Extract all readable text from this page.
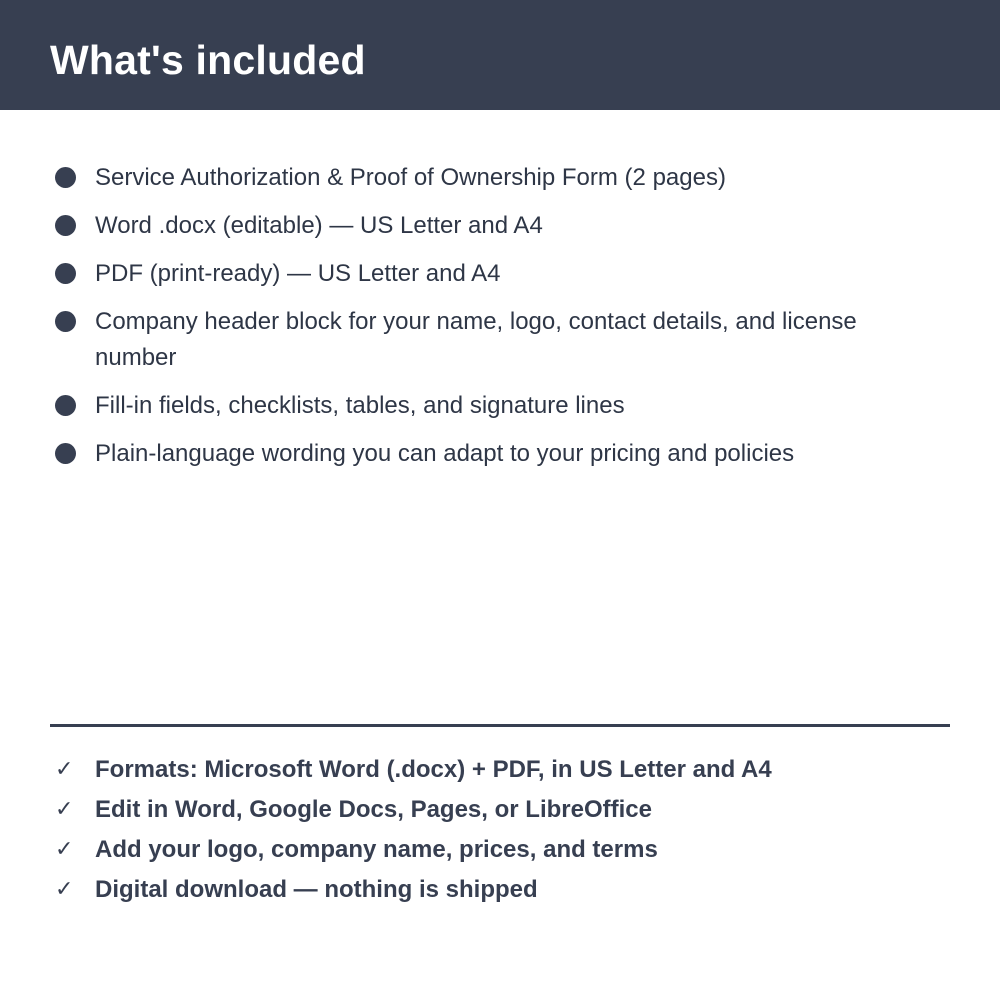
What's included
Service Authorization & Proof of Ownership Form (2 pages)
Word .docx (editable) — US Letter and A4
PDF (print-ready) — US Letter and A4
Company header block for your name, logo, contact details, and license number
Fill-in fields, checklists, tables, and signature lines
Plain-language wording you can adapt to your pricing and policies
✓ Formats: Microsoft Word (.docx) + PDF, in US Letter and A4
✓ Edit in Word, Google Docs, Pages, or LibreOffice
✓ Add your logo, company name, prices, and terms
✓ Digital download — nothing is shipped
